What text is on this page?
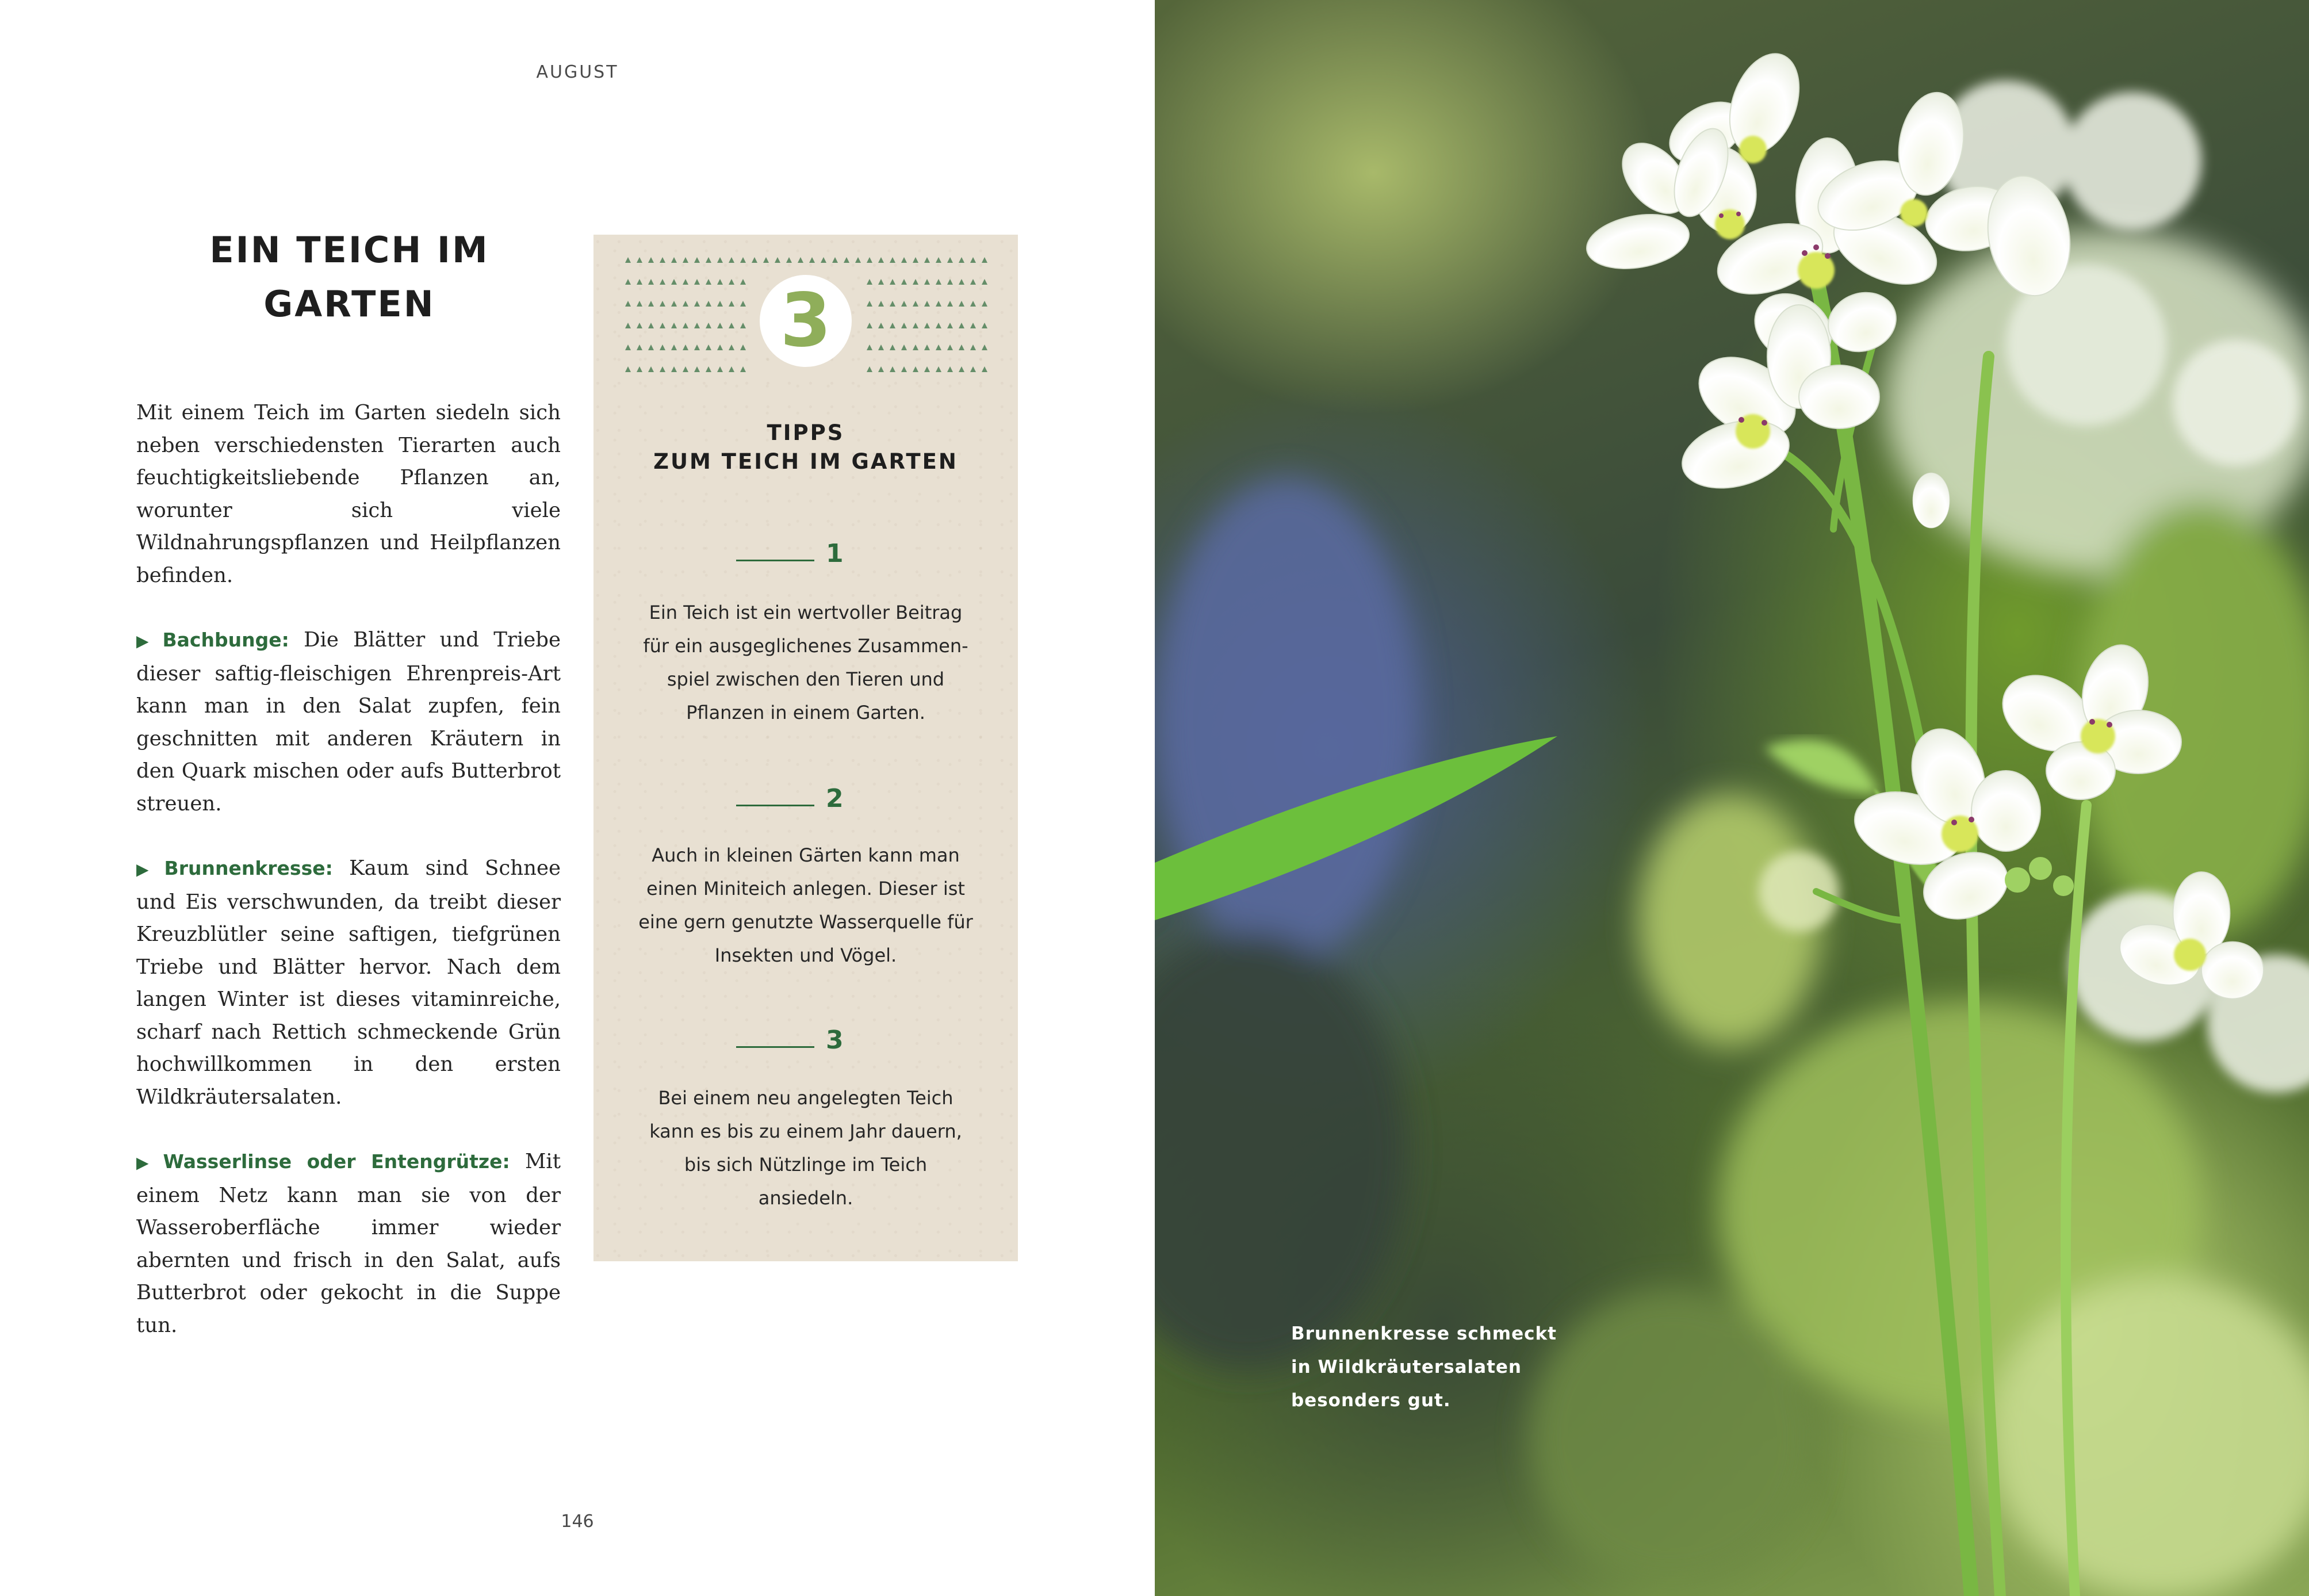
AUGUST
EIN TEICH IM
GARTEN

Mit einem Teich im Garten siedeln sich neben verschiedensten Tierarten auch feuchtigkeitsliebende Pflanzen an, worunter sich viele Wildnahrungspflanzen und Heilpflanzen befinden.

▶ Bachbunge: Die Blätter und Triebe dieser saftig-fleischigen Ehrenpreis-Art kann man in den Salat zupfen, fein geschnitten mit anderen Kräutern in den Quark mischen oder aufs Butterbrot streuen.

▶ Brunnenkresse: Kaum sind Schnee und Eis verschwunden, da treibt dieser Kreuzblütler seine saftigen, tiefgrünen Triebe und Blätter hervor. Nach dem langen Winter ist dieses vitaminreiche, scharf nach Rettich schmeckende Grün hochwillkommen in den ersten Wildkräutersalaten.

▶ Wasserlinse oder Entengrütze: Mit einem Netz kann man sie von der Wasseroberfläche immer wieder abernten und frisch in den Salat, aufs Butterbrot oder gekocht in die Suppe tun.

3
TIPPS
ZUM TEICH IM GARTEN
1
Ein Teich ist ein wertvoller Beitrag
für ein ausgeglichenes Zusammen-
spiel zwischen den Tieren und
Pflanzen in einem Garten.
2
Auch in kleinen Gärten kann man
einen Miniteich anlegen. Dieser ist
eine gern genutzte Wasserquelle für
Insekten und Vögel.
3
Bei einem neu angelegten Teich
kann es bis zu einem Jahr dauern,
bis sich Nützlinge im Teich
ansiedeln.
146
Brunnenkresse schmeckt
in Wildkräutersalaten
besonders gut.
